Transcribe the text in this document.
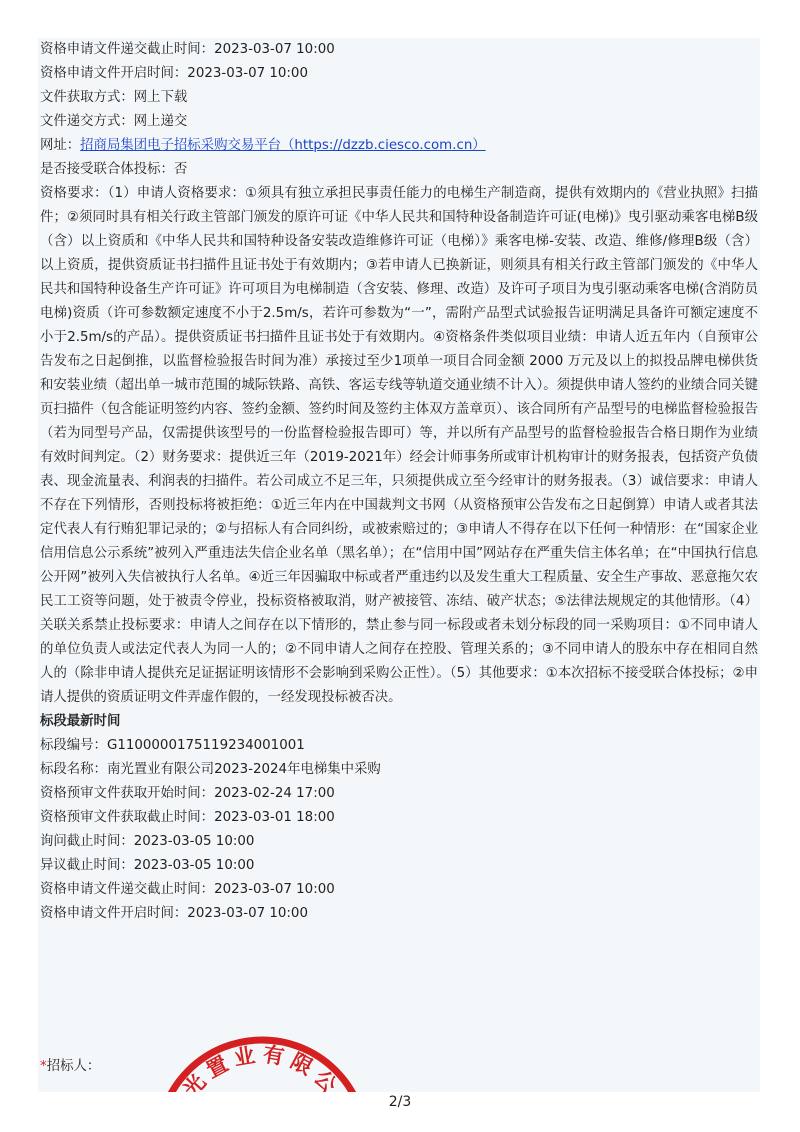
资格申请文件递交截止时间：2023-03-07 10:00
资格申请文件开启时间：2023-03-07 10:00
文件获取方式：网上下载
文件递交方式：网上递交
网址：招商局集团电子招标采购交易平台（https://dzzb.ciesco.com.cn）
是否接受联合体投标：否

资格要求：（1）申请人资格要求：①须具有独立承担民事责任能力的电梯生产制造商，提供有效期内的《营业执照》扫描件；②须同时具有相关行政主管部门颁发的原许可证《中华人民共和国特种设备制造许可证(电梯)》曳引驱动乘客电梯B级（含）以上资质和《中华人民共和国特种设备安装改造维修许可证（电梯）》乘客电梯-安装、改造、维修/修理B级（含）以上资质，提供资质证书扫描件且证书处于有效期内；③若申请人已换新证，则须具有相关行政主管部门颁发的《中华人民共和国特种设备生产许可证》许可项目为电梯制造（含安装、修理、改造）及许可子项目为曳引驱动乘客电梯(含消防员电梯)资质（许可参数额定速度不小于2.5m/s，若许可参数为“一”，需附产品型式试验报告证明满足具备许可额定速度不小于2.5m/s的产品）。提供资质证书扫描件且证书处于有效期内。④资格条件类似项目业绩：申请人近五年内（自预审公告发布之日起倒推，以监督检验报告时间为准）承接过至少1项单一项目合同金额 2000 万元及以上的拟投品牌电梯供货和安装业绩（超出单一城市范围的城际铁路、高铁、客运专线等轨道交通业绩不计入）。须提供申请人签约的业绩合同关键页扫描件（包含能证明签约内容、签约金额、签约时间及签约主体双方盖章页）、该合同所有产品型号的电梯监督检验报告（若为同型号产品，仅需提供该型号的一份监督检验报告即可）等，并以所有产品型号的监督检验报告合格日期作为业绩有效时间判定。（2）财务要求：提供近三年（2019-2021年）经会计师事务所或审计机构审计的财务报表，包括资产负债表、现金流量表、利润表的扫描件。若公司成立不足三年，只须提供成立至今经审计的财务报表。（3）诚信要求：申请人不存在下列情形，否则投标将被拒绝：①近三年内在中国裁判文书网（从资格预审公告发布之日起倒算）申请人或者其法定代表人有行贿犯罪记录的；②与招标人有合同纠纷，或被索赔过的；③申请人不得存在以下任何一种情形：在“国家企业信用信息公示系统”被列入严重违法失信企业名单（黑名单）；在“信用中国”网站存在严重失信主体名单；在“中国执行信息公开网”被列入失信被执行人名单。④近三年因骗取中标或者严重违约以及发生重大工程质量、安全生产事故、恶意拖欠农民工工资等问题，处于被责令停业，投标资格被取消，财产被接管、冻结、破产状态；⑤法律法规规定的其他情形。（4）关联关系禁止投标要求：申请人之间存在以下情形的，禁止参与同一标段或者未划分标段的同一采购项目：①不同申请人的单位负责人或法定代表人为同一人的；②不同申请人之间存在控股、管理关系的；③不同申请人的股东中存在相同自然人的（除非申请人提供充足证据证明该情形不会影响到采购公正性）。（5）其他要求：①本次招标不接受联合体投标；②申请人提供的资质证明文件弄虚作假的，一经发现投标被否决。

标段最新时间
标段编号：G1100000175119234001001
标段名称：南光置业有限公司2023-2024年电梯集中采购
资格预审文件获取开始时间：2023-02-24 17:00
资格预审文件获取截止时间：2023-03-01 18:00
询问截止时间：2023-03-05 10:00
异议截止时间：2023-03-05 10:00
资格申请文件递交截止时间：2023-03-07 10:00
资格申请文件开启时间：2023-03-07 10:00
*招标人：
南光置业有限公司	2/3
